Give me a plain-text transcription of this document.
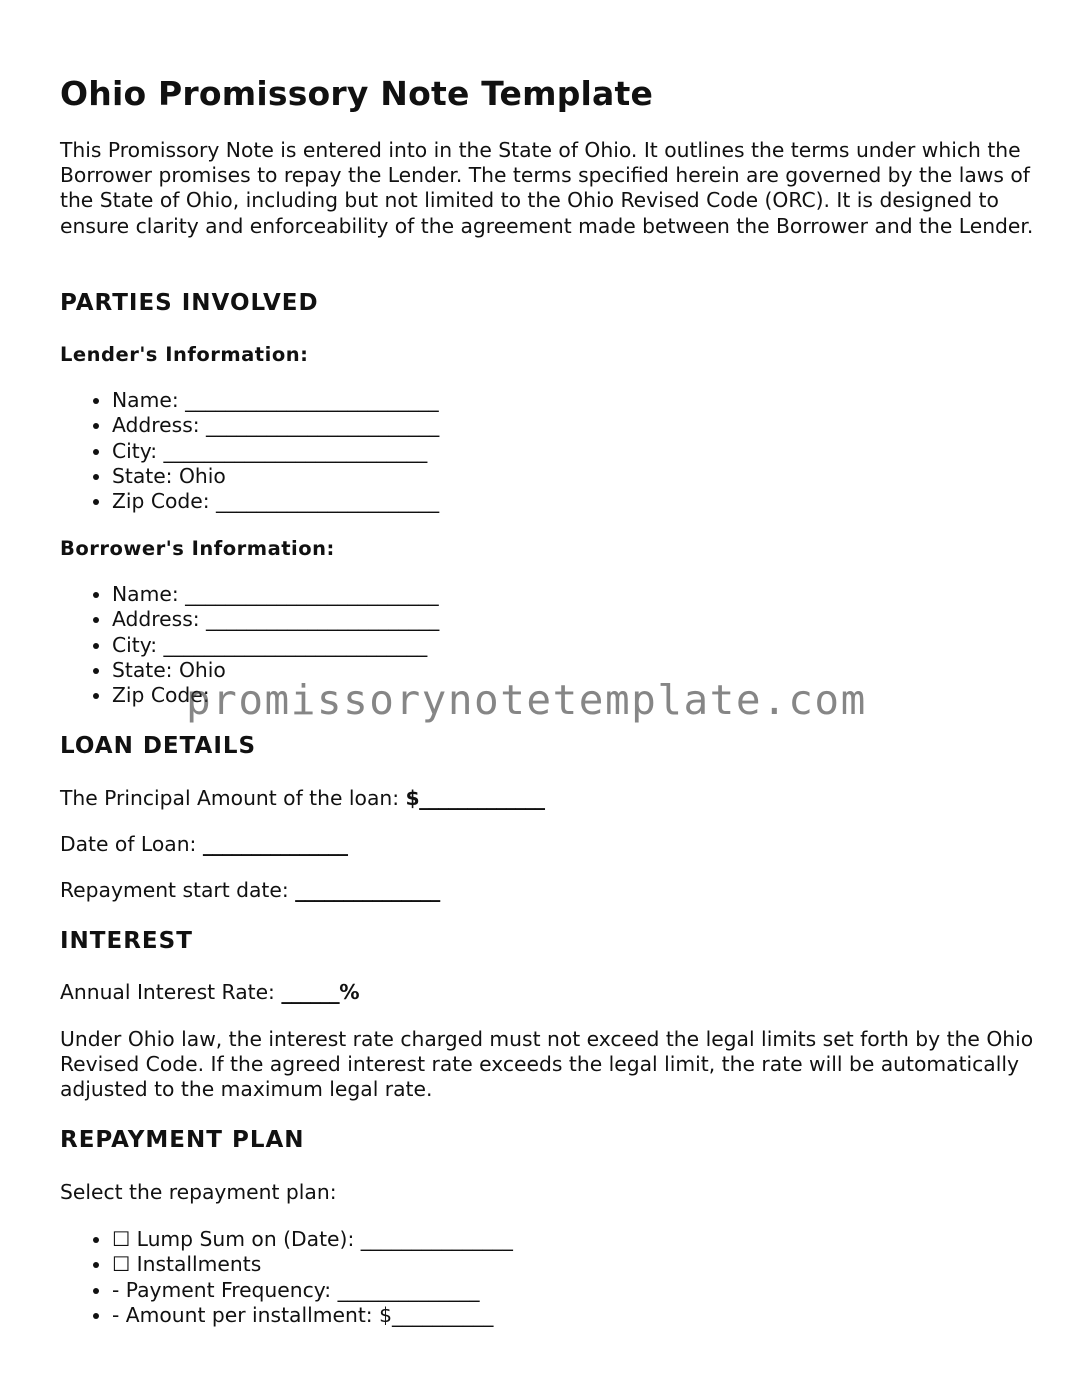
Ohio Promissory Note Template

This Promissory Note is entered into in the State of Ohio. It outlines the terms under which the Borrower promises to repay the Lender. The terms specified herein are governed by the laws of the State of Ohio, including but not limited to the Ohio Revised Code (ORC). It is designed to ensure clarity and enforceability of the agreement made between the Borrower and the Lender.

PARTIES INVOLVED
Lender's Information:
• Name: _________________________
• Address: _______________________
• City: __________________________
• State: Ohio
• Zip Code: ______________________
Borrower's Information:
• Name: _________________________
• Address: _______________________
• City: __________________________
• State: Ohio
• Zip Code:
LOAN DETAILS

The Principal Amount of the loan: $_____________

Date of Loan: _______________

Repayment start date: _______________

INTEREST

Annual Interest Rate: ______%

Under Ohio law, the interest rate charged must not exceed the legal limits set forth by the Ohio Revised Code. If the agreed interest rate exceeds the legal limit, the rate will be automatically adjusted to the maximum legal rate.

REPAYMENT PLAN

Select the repayment plan:

• ☐ Lump Sum on (Date): _______________
• ☐ Installments
• - Payment Frequency: ______________
• - Amount per installment: $__________
promissorynotetemplate.com
